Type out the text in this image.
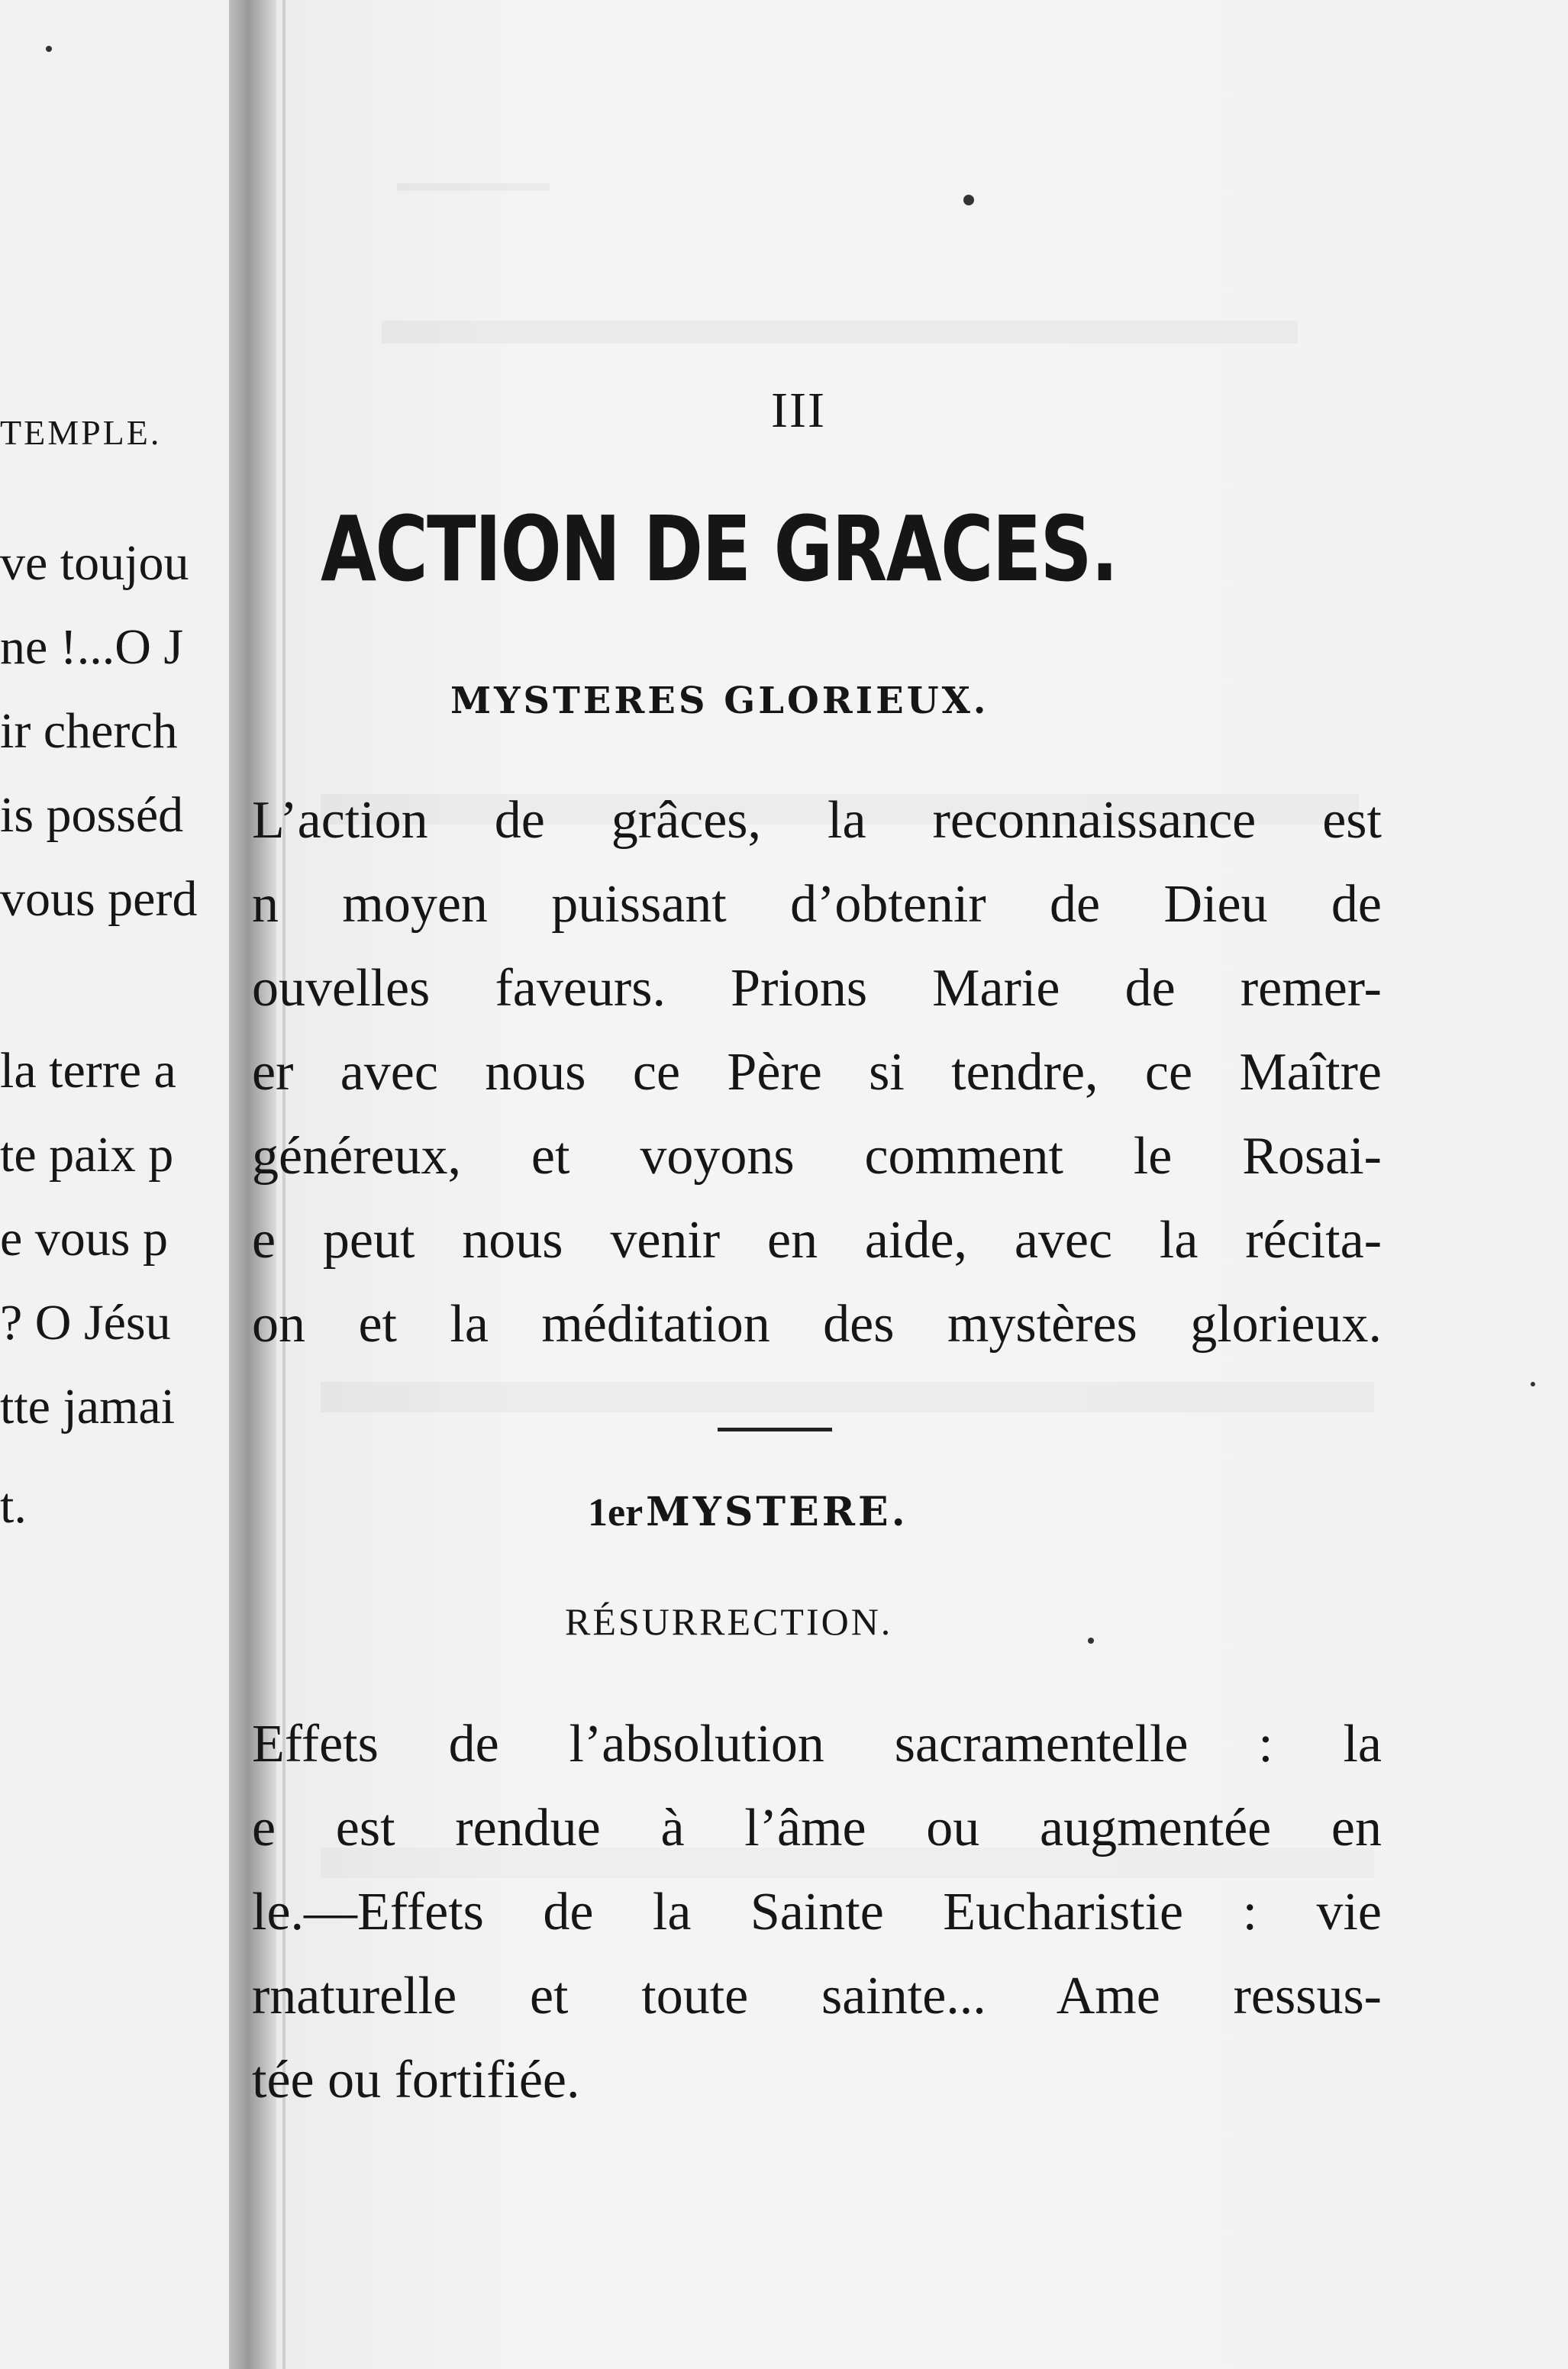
TEMPLE.
ve toujou
ne !...O J
ir cherch
is posséd
vous perd
la terre a
te paix p
e vous p
? O Jésu
tte jamai
t.
III
ACTION DE GRACES.
MYSTERES GLORIEUX.
L’action de grâces, la reconnaissance est
n moyen puissant d’obtenir de Dieu de
ouvelles faveurs. Prions Marie de remer-
er avec nous ce Père si tendre, ce Maître
généreux, et voyons comment le Rosai-
e peut nous venir en aide, avec la récita-
on et la méditation des mystères glorieux.
1er MYSTERE.
RÉSURRECTION.
Effets de l’absolution sacramentelle : la
e est rendue à l’âme ou augmentée en
le.—Effets de la Sainte Eucharistie : vie
rnaturelle et toute sainte... Ame ressus-
tée ou fortifiée.
